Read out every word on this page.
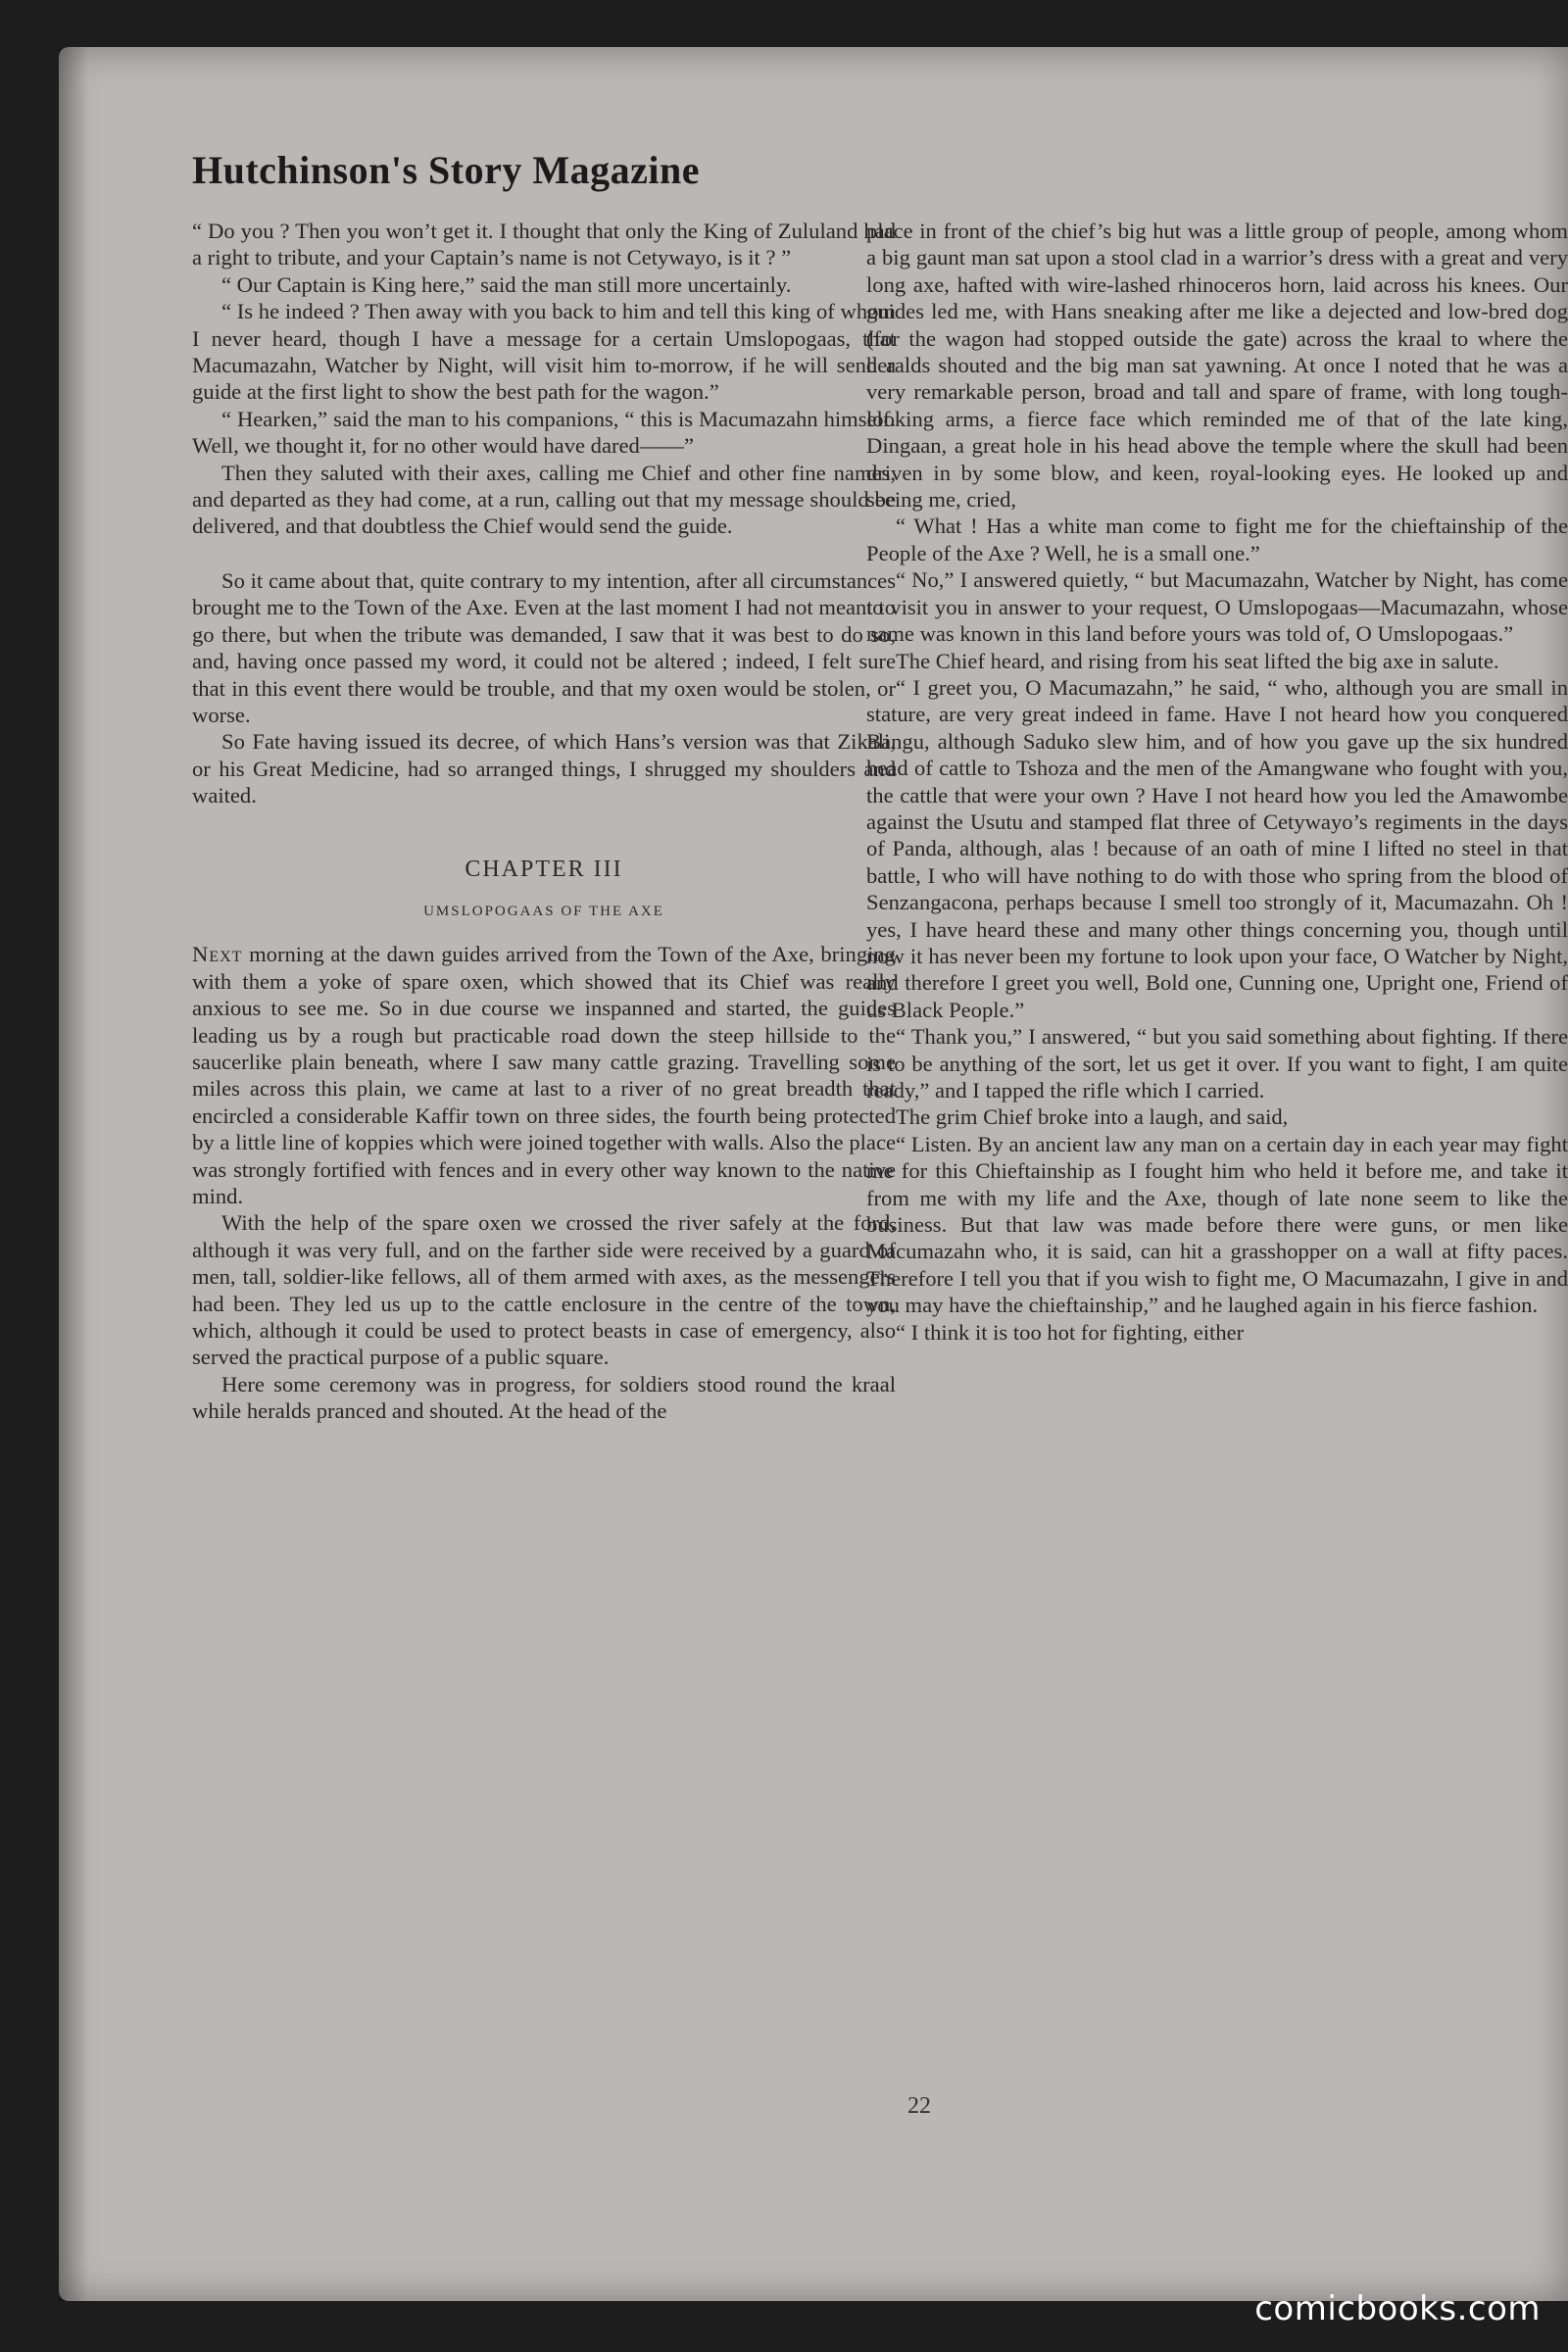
Hutchinson's Story Magazine

“ Do you ? Then you won’t get it. I thought that only the King of Zululand had a right to tribute, and your Captain’s name is not Cetywayo, is it ? ”

“ Our Captain is King here,” said the man still more uncertainly.

“ Is he indeed ? Then away with you back to him and tell this king of whom I never heard, though I have a message for a certain Umslopogaas, that Macumazahn, Watcher by Night, will visit him to-morrow, if he will send a guide at the first light to show the best path for the wagon.”

“ Hearken,” said the man to his companions, “ this is Macumazahn himself. Well, we thought it, for no other would have dared——”

Then they saluted with their axes, calling me Chief and other fine names, and departed as they had come, at a run, calling out that my message should be delivered, and that doubtless the Chief would send the guide.

So it came about that, quite contrary to my intention, after all circumstances brought me to the Town of the Axe. Even at the last moment I had not meant to go there, but when the tribute was demanded, I saw that it was best to do so, and, having once passed my word, it could not be altered ; indeed, I felt sure that in this event there would be trouble, and that my oxen would be stolen, or worse.

So Fate having issued its decree, of which Hans’s version was that Zikali, or his Great Medicine, had so arranged things, I shrugged my shoulders and waited.

CHAPTER III
UMSLOPOGAAS OF THE AXE

Next morning at the dawn guides arrived from the Town of the Axe, bringing with them a yoke of spare oxen, which showed that its Chief was really anxious to see me. So in due course we inspanned and started, the guides leading us by a rough but practicable road down the steep hillside to the saucerlike plain beneath, where I saw many cattle grazing. Travelling some miles across this plain, we came at last to a river of no great breadth that encircled a considerable Kaffir town on three sides, the fourth being protected by a little line of koppies which were joined together with walls. Also the place was strongly fortified with fences and in every other way known to the native mind.

With the help of the spare oxen we crossed the river safely at the ford, although it was very full, and on the farther side were received by a guard of men, tall, soldier-like fellows, all of them armed with axes, as the messengers had been. They led us up to the cattle enclosure in the centre of the town, which, although it could be used to protect beasts in case of emergency, also served the practical purpose of a public square.

Here some ceremony was in progress, for soldiers stood round the kraal while heralds pranced and shouted. At the head of the

place in front of the chief’s big hut was a little group of people, among whom a big gaunt man sat upon a stool clad in a warrior’s dress with a great and very long axe, hafted with wire-lashed rhinoceros horn, laid across his knees. Our guides led me, with Hans sneaking after me like a dejected and low-bred dog (for the wagon had stopped outside the gate) across the kraal to where the heralds shouted and the big man sat yawning. At once I noted that he was a very remarkable person, broad and tall and spare of frame, with long tough-looking arms, a fierce face which reminded me of that of the late king, Dingaan, a great hole in his head above the temple where the skull had been driven in by some blow, and keen, royal-looking eyes. He looked up and seeing me, cried,

“ What ! Has a white man come to fight me for the chieftainship of the People of the Axe ? Well, he is a small one.”

“ No,” I answered quietly, “ but Macumazahn, Watcher by Night, has come to visit you in answer to your request, O Umslopogaas—Macumazahn, whose name was known in this land before yours was told of, O Umslopogaas.”

The Chief heard, and rising from his seat lifted the big axe in salute.

“ I greet you, O Macumazahn,” he said, “ who, although you are small in stature, are very great indeed in fame. Have I not heard how you conquered Bangu, although Saduko slew him, and of how you gave up the six hundred head of cattle to Tshoza and the men of the Amangwane who fought with you, the cattle that were your own ? Have I not heard how you led the Amawombe against the Usutu and stamped flat three of Cetywayo’s regiments in the days of Panda, although, alas ! because of an oath of mine I lifted no steel in that battle, I who will have nothing to do with those who spring from the blood of Senzangacona, perhaps because I smell too strongly of it, Macumazahn. Oh ! yes, I have heard these and many other things concerning you, though until now it has never been my fortune to look upon your face, O Watcher by Night, and therefore I greet you well, Bold one, Cunning one, Upright one, Friend of us Black People.”

“ Thank you,” I answered, “ but you said something about fighting. If there is to be anything of the sort, let us get it over. If you want to fight, I am quite ready,” and I tapped the rifle which I carried.

The grim Chief broke into a laugh, and said,

“ Listen. By an ancient law any man on a certain day in each year may fight me for this Chieftainship as I fought him who held it before me, and take it from me with my life and the Axe, though of late none seem to like the business. But that law was made before there were guns, or men like Macumazahn who, it is said, can hit a grasshopper on a wall at fifty paces. Therefore I tell you that if you wish to fight me, O Macumazahn, I give in and you may have the chieftainship,” and he laughed again in his fierce fashion.

“ I think it is too hot for fighting, either

22
comicbooks.com
